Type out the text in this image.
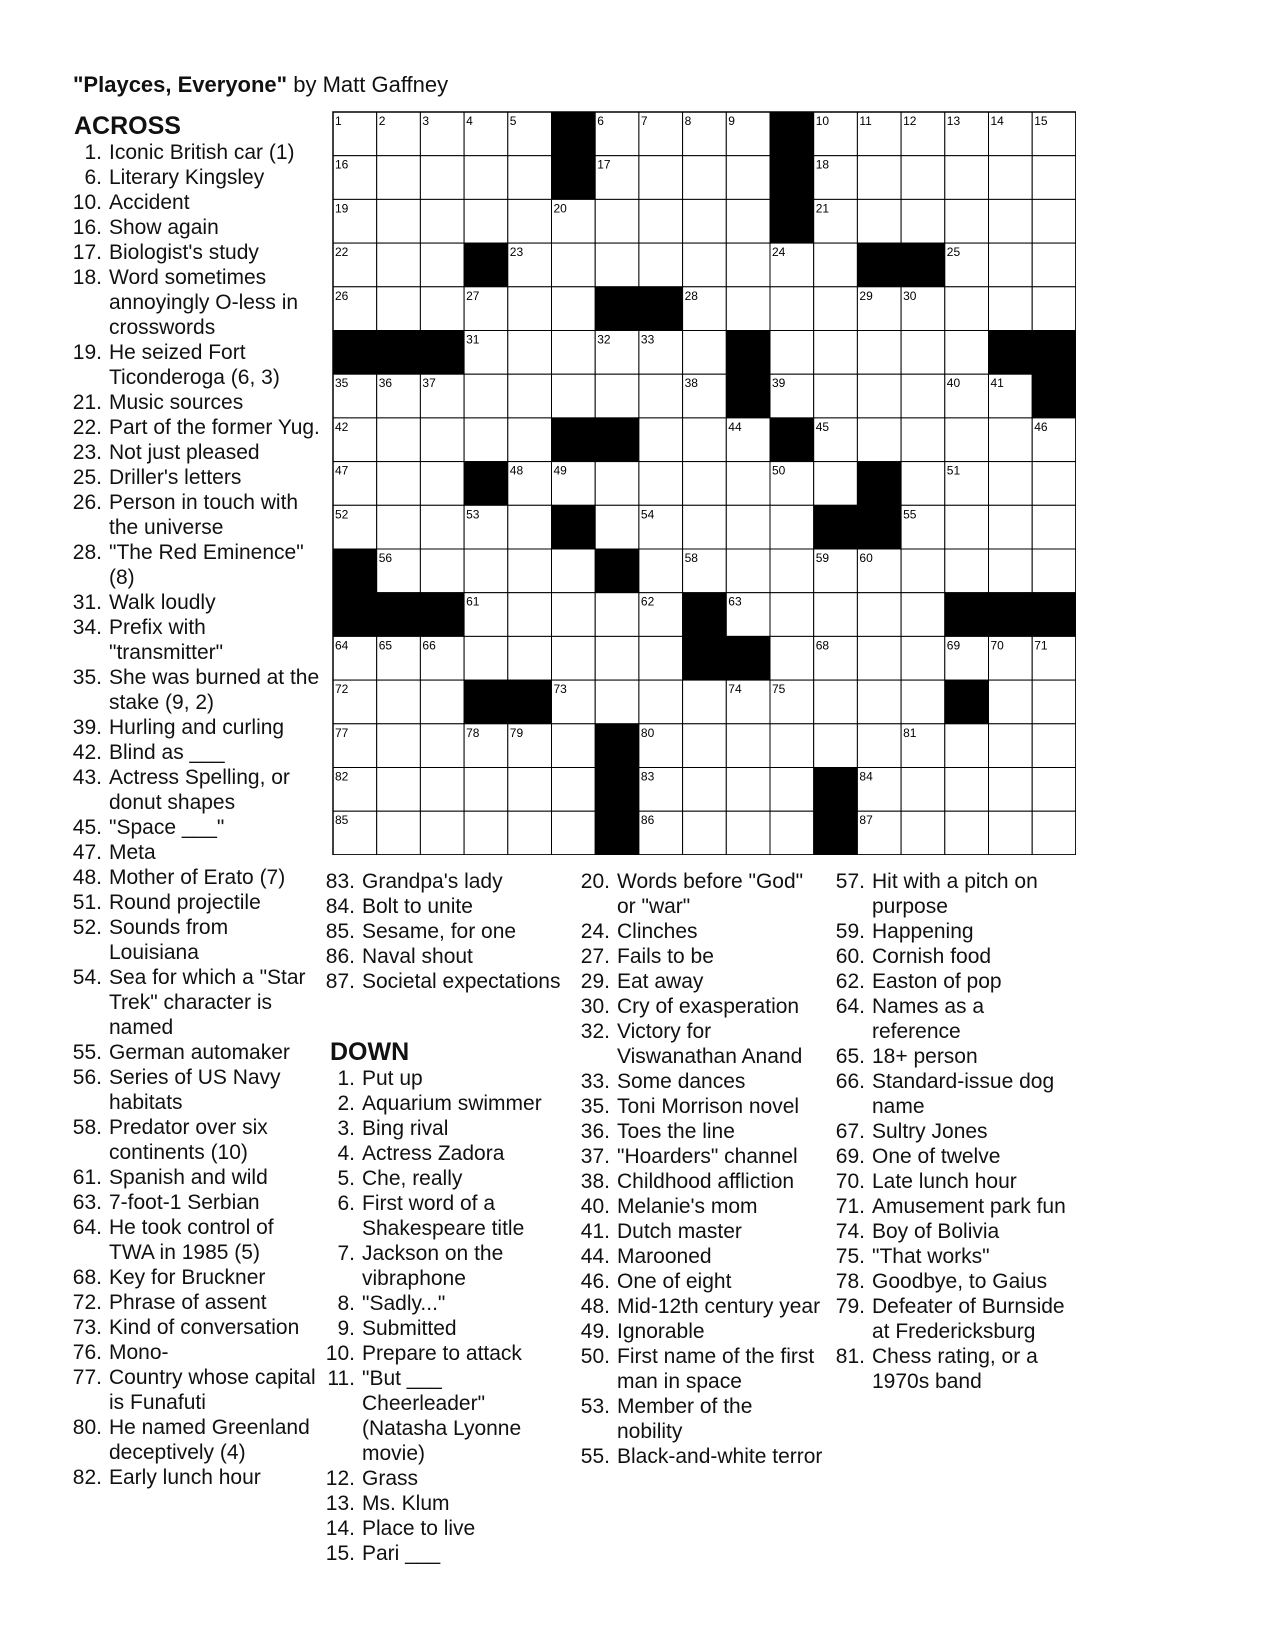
"Playces, Everyone" by Matt Gaffney
ACROSS
1. Iconic British car (1)
6. Literary Kingsley
10. Accident
16. Show again
17. Biologist's study
18. Word sometimes annoyingly O-less in crosswords
19. He seized Fort Ticonderoga (6, 3)
21. Music sources
22. Part of the former Yug.
23. Not just pleased
25. Driller's letters
26. Person in touch with the universe
28. "The Red Eminence" (8)
31. Walk loudly
34. Prefix with "transmitter"
35. She was burned at the stake (9, 2)
39. Hurling and curling
42. Blind as ___
43. Actress Spelling, or donut shapes
45. "Space ___"
47. Meta
48. Mother of Erato (7)
51. Round projectile
52. Sounds from Louisiana
54. Sea for which a "Star Trek" character is named
55. German automaker
56. Series of US Navy habitats
58. Predator over six continents (10)
61. Spanish and wild
63. 7-foot-1 Serbian
64. He took control of TWA in 1985 (5)
68. Key for Bruckner
72. Phrase of assent
73. Kind of conversation
76. Mono-
77. Country whose capital is Funafuti
80. He named Greenland deceptively (4)
82. Early lunch hour
1	2	3	4	5	6	7	8	9	10	11	12	13	14	15
16	17	18
19	20	21
22	23	24	25
26	27	28	29	30
31	32	33
35	36	37	38	39	40	41
42	44	45	46
47	48	49	50	51
52	53	54	55
56	58	59	60
61	62	63
64	65	66	68	69	70	71
72	73	74	75
77	78	79	80	81
82	83	84
85	86	87
83. Grandpa's lady
84. Bolt to unite
85. Sesame, for one
86. Naval shout
87. Societal expectations
DOWN
1. Put up
2. Aquarium swimmer
3. Bing rival
4. Actress Zadora
5. Che, really
6. First word of a Shakespeare title
7. Jackson on the vibraphone
8. "Sadly..."
9. Submitted
10. Prepare to attack
11. "But ___ Cheerleader" (Natasha Lyonne movie)
12. Grass
13. Ms. Klum
14. Place to live
15. Pari ___
20. Words before "God" or "war"
24. Clinches
27. Fails to be
29. Eat away
30. Cry of exasperation
32. Victory for Viswanathan Anand
33. Some dances
35. Toni Morrison novel
36. Toes the line
37. "Hoarders" channel
38. Childhood affliction
40. Melanie's mom
41. Dutch master
44. Marooned
46. One of eight
48. Mid-12th century year
49. Ignorable
50. First name of the first man in space
53. Member of the nobility
55. Black-and-white terror
57. Hit with a pitch on purpose
59. Happening
60. Cornish food
62. Easton of pop
64. Names as a reference
65. 18+ person
66. Standard-issue dog name
67. Sultry Jones
69. One of twelve
70. Late lunch hour
71. Amusement park fun
74. Boy of Bolivia
75. "That works"
78. Goodbye, to Gaius
79. Defeater of Burnside at Fredericksburg
81. Chess rating, or a 1970s band
